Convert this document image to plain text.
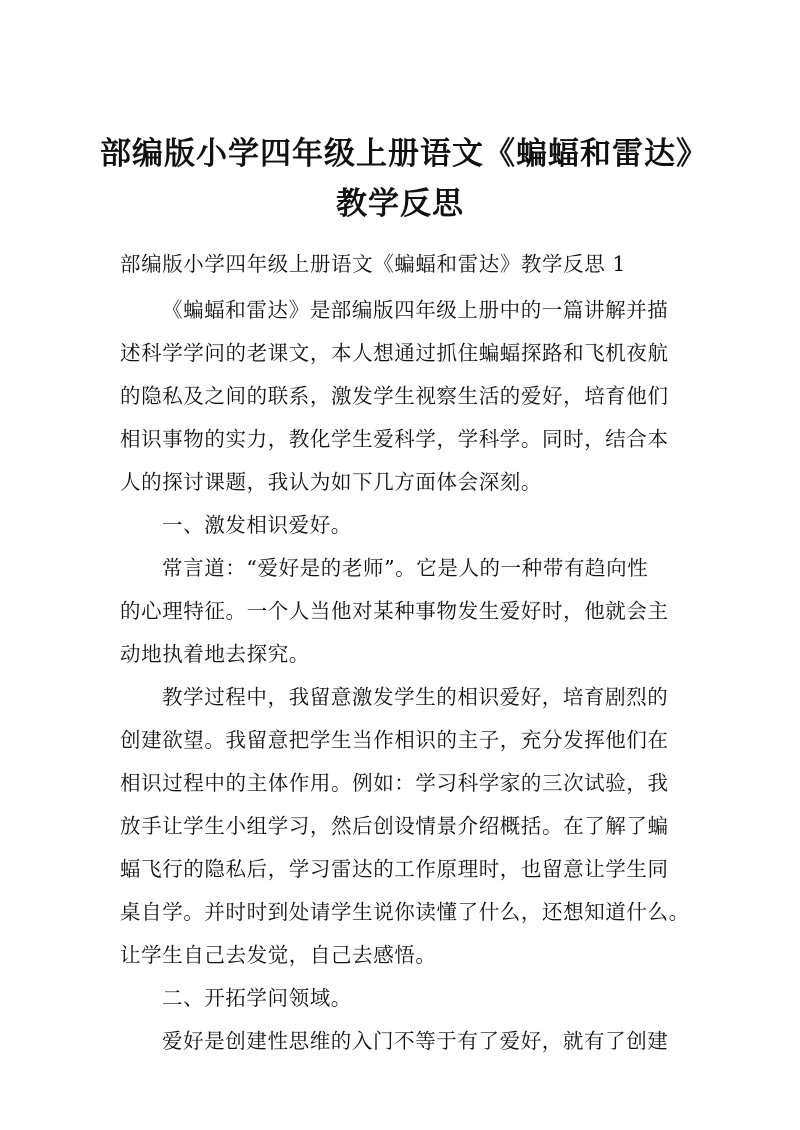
部编版小学四年级上册语文《蝙蝠和雷达》
教学反思

部编版小学四年级上册语文《蝙蝠和雷达》教学反思 1

《蝙蝠和雷达》是部编版四年级上册中的一篇讲解并描

述科学学问的老课文，本人想通过抓住蝙蝠探路和飞机夜航

的隐私及之间的联系，激发学生视察生活的爱好，培育他们

相识事物的实力，教化学生爱科学，学科学。同时，结合本

人的探讨课题，我认为如下几方面体会深刻。

一、激发相识爱好。

常言道：“爱好是的老师”。它是人的一种带有趋向性

的心理特征。一个人当他对某种事物发生爱好时，他就会主

动地执着地去探究。

教学过程中，我留意激发学生的相识爱好，培育剧烈的

创建欲望。我留意把学生当作相识的主子，充分发挥他们在

相识过程中的主体作用。例如：学习科学家的三次试验，我

放手让学生小组学习，然后创设情景介绍概括。在了解了蝙

蝠飞行的隐私后，学习雷达的工作原理时，也留意让学生同

桌自学。并时时到处请学生说你读懂了什么，还想知道什么。

让学生自己去发觉，自己去感悟。

二、开拓学问领域。

爱好是创建性思维的入门不等于有了爱好，就有了创建
